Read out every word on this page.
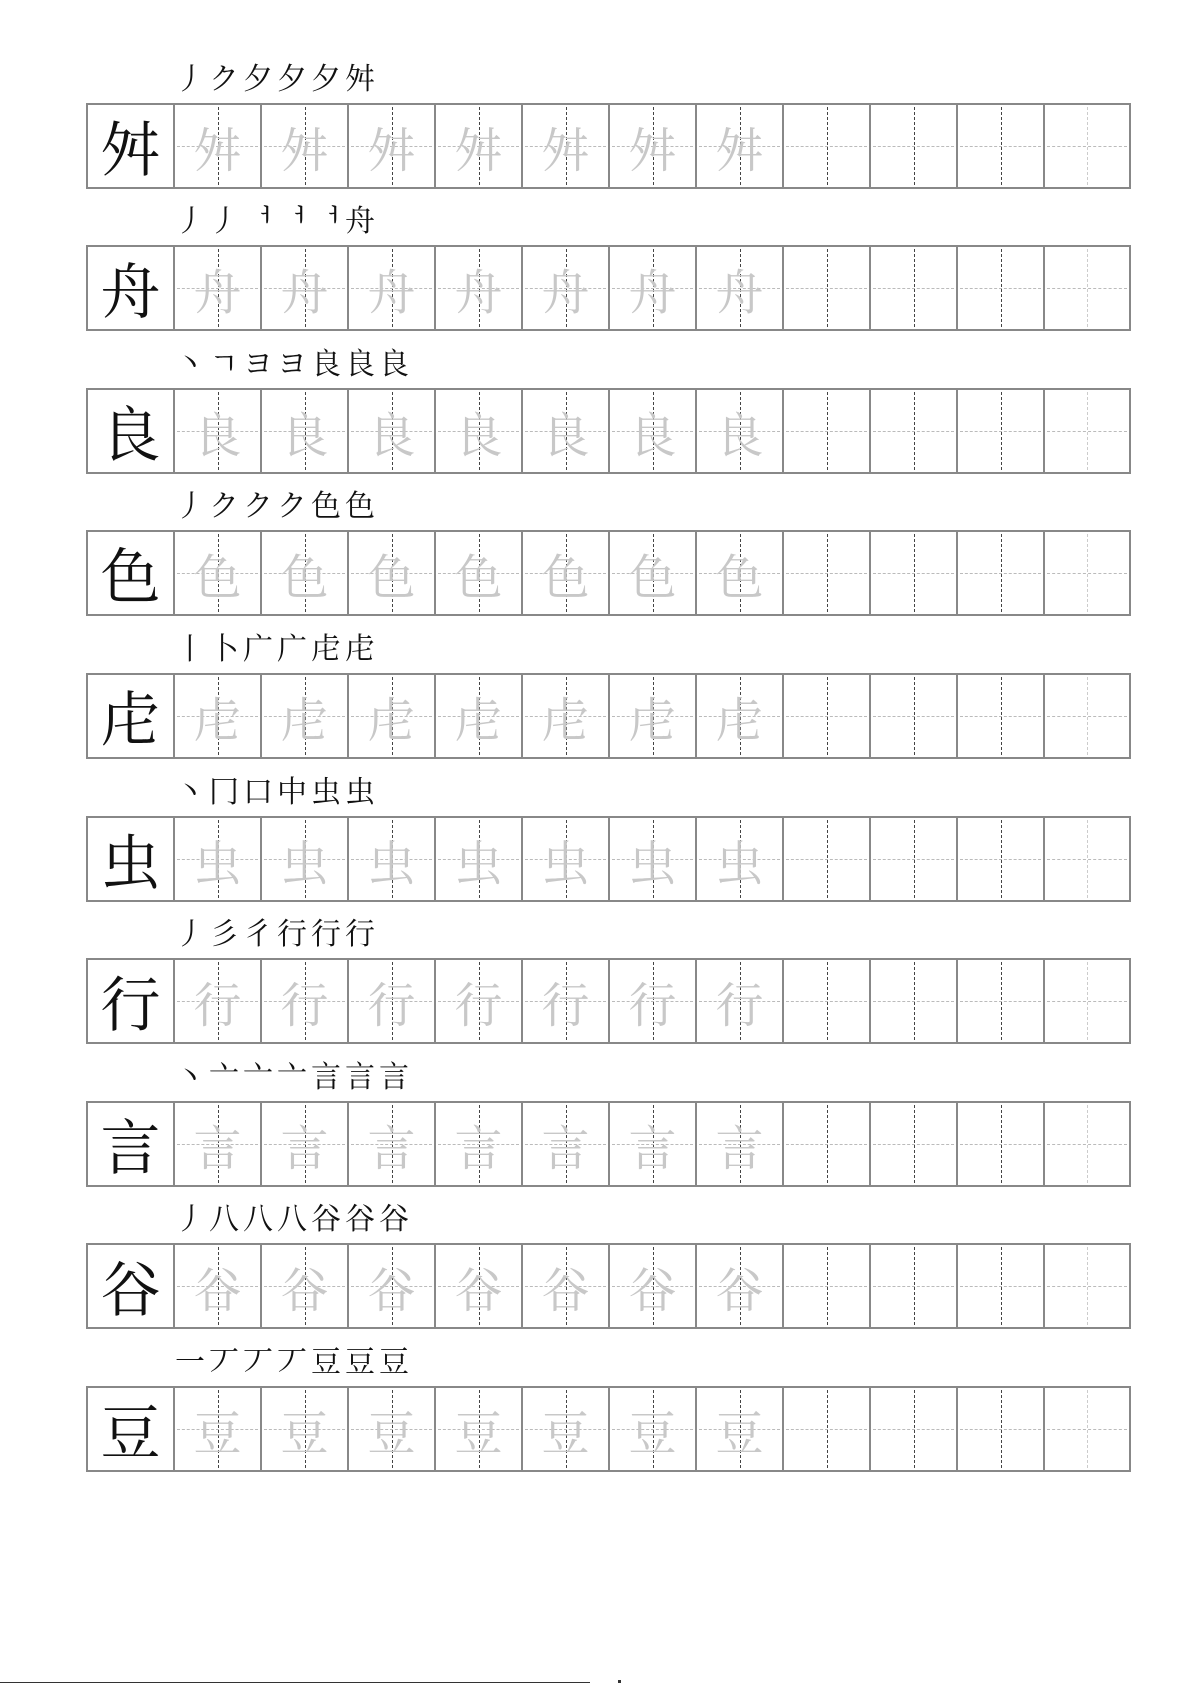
丿 ク 夕 夕​ 夕​ 舛
舛 舛 舛 舛 舛 舛 舛 舛
丿 丿 ᅥ ᅥ ᅥ 舟
舟 舟 舟 舟 舟 舟 舟 舟
丶 ㄱ ヨ ヨ 良 良 良
良 良 良 良 良 良 良 良
丿 ク ク ク 色 色
色 色 色 色 色 色 色 色
丨 卜 广 广 虍 虍
虍 虍 虍 虍 虍 虍 虍 虍
丶 冂 口 中 虫 虫
虫 虫 虫 虫 虫 虫 虫 虫
丿 彡 彳 行 行 行
行 行 行 行 行 行 行 行
丶 亠 亠 亠 言 言 言
言 言 言 言 言 言 言 言
丿 八 八 八 谷 谷 谷
谷 谷 谷 谷 谷 谷 谷 谷
一 丆 丆 丆 豆 豆 豆
豆 豆 豆 豆 豆 豆 豆 豆
